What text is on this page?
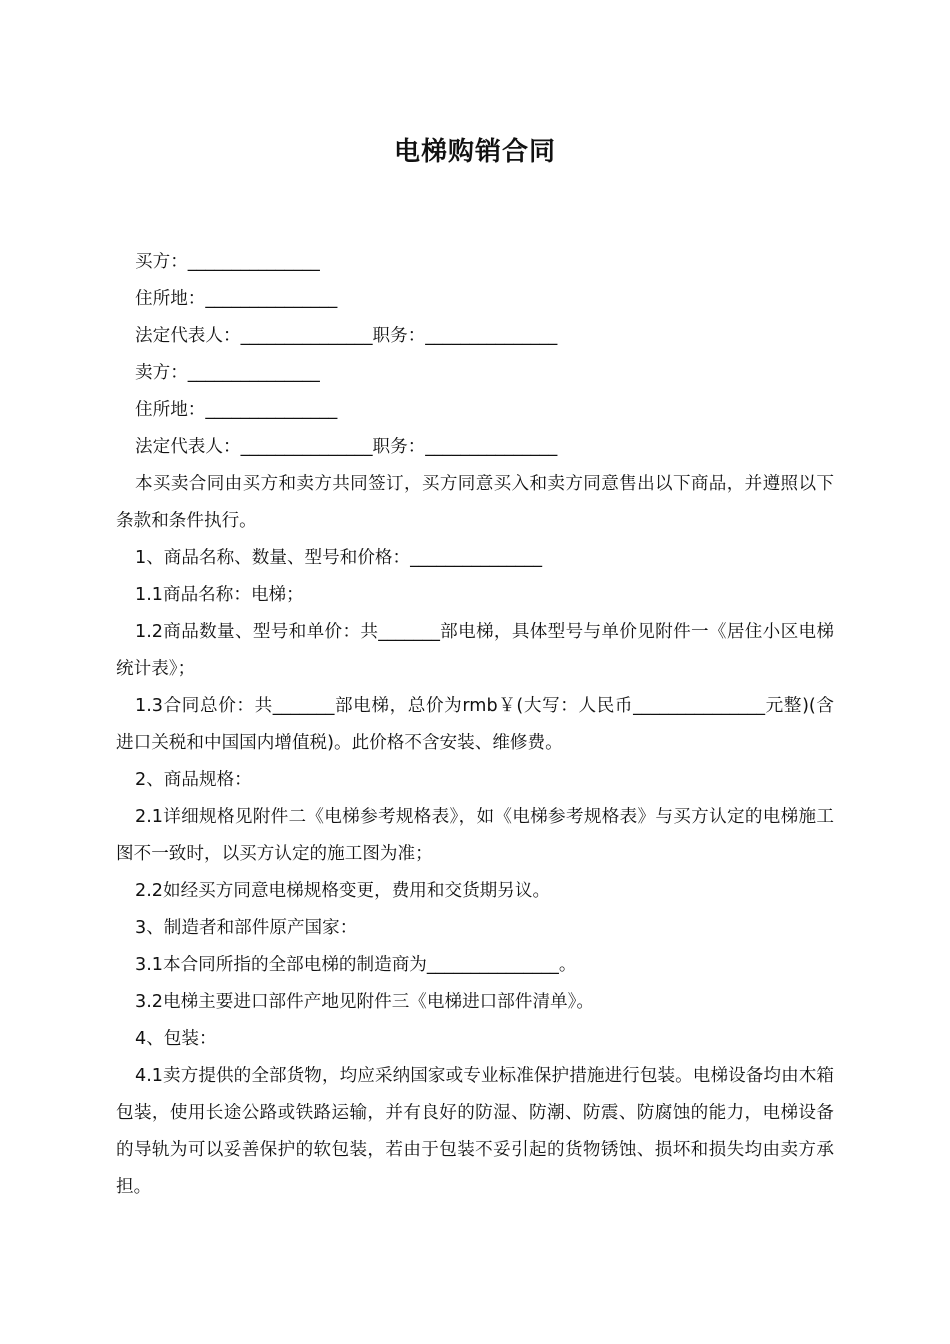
电梯购销合同

买方：_______________

住所地：_______________

法定代表人：_______________职务：_______________

卖方：_______________

住所地：_______________

法定代表人：_______________职务：_______________

本买卖合同由买方和卖方共同签订，买方同意买入和卖方同意售出以下商品，并遵照以下条款和条件执行。

1、商品名称、数量、型号和价格：_______________

1.1商品名称：电梯；

1.2商品数量、型号和单价：共_______部电梯，具体型号与单价见附件一《居住小区电梯统计表》；

1.3合同总价：共_______部电梯，总价为rmb￥(大写：人民币_______________元整)(含进口关税和中国国内增值税)。此价格不含安装、维修费。

2、商品规格：

2.1详细规格见附件二《电梯参考规格表》，如《电梯参考规格表》与买方认定的电梯施工图不一致时，以买方认定的施工图为准；

2.2如经买方同意电梯规格变更，费用和交货期另议。

3、制造者和部件原产国家：

3.1本合同所指的全部电梯的制造商为_______________。

3.2电梯主要进口部件产地见附件三《电梯进口部件清单》。

4、包装：

4.1卖方提供的全部货物，均应采纳国家或专业标准保护措施进行包装。电梯设备均由木箱包装，使用长途公路或铁路运输，并有良好的防湿、防潮、防震、防腐蚀的能力，电梯设备的导轨为可以妥善保护的软包装，若由于包装不妥引起的货物锈蚀、损坏和损失均由卖方承担。
